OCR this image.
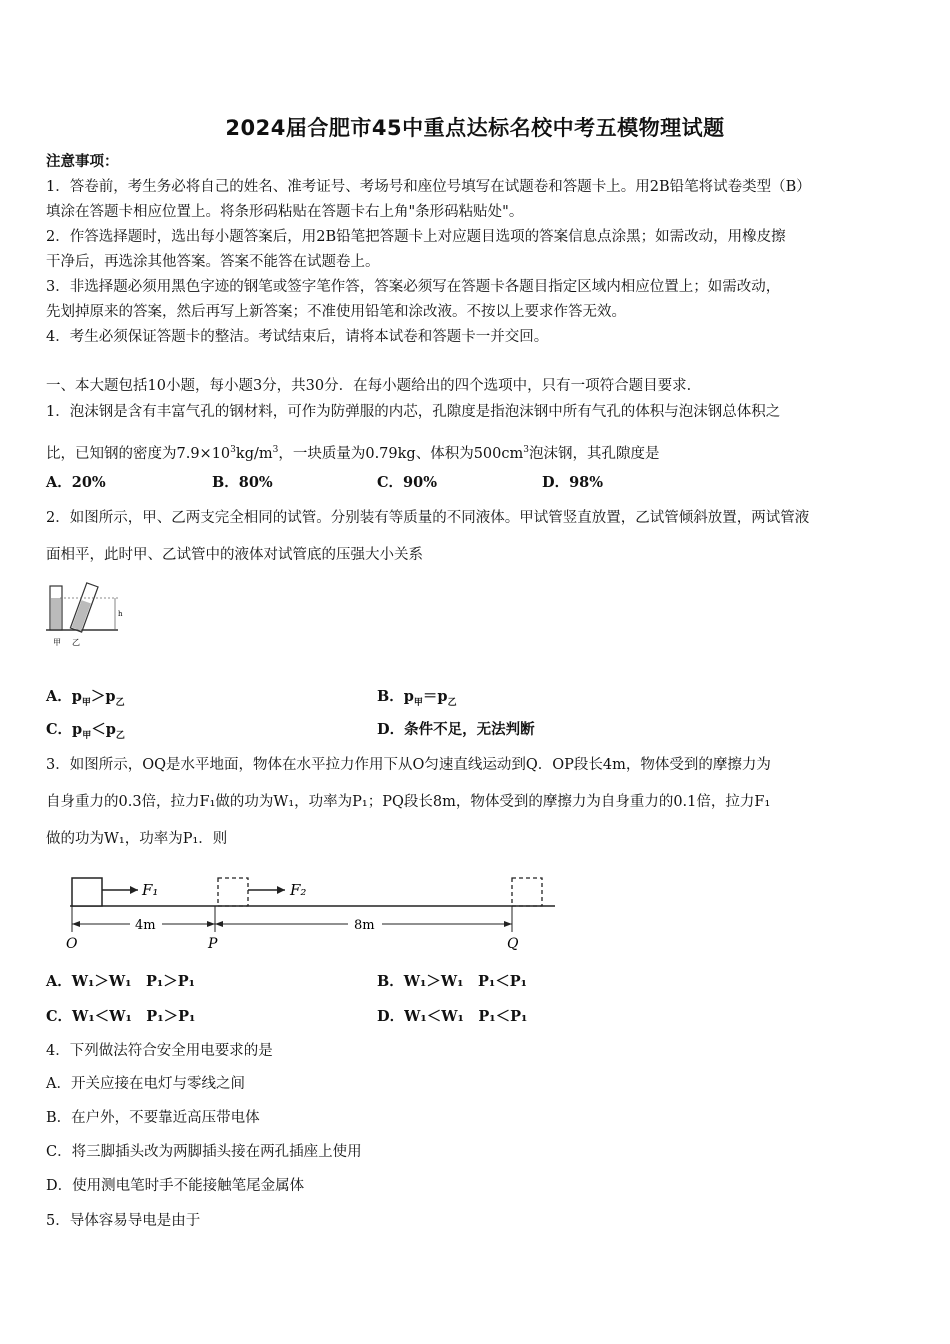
2024届合肥市45中重点达标名校中考五模物理试题
注意事项：
1．答卷前，考生务必将自己的姓名、准考证号、考场号和座位号填写在试题卷和答题卡上。用2B铅笔将试卷类型（B）
填涂在答题卡相应位置上。将条形码粘贴在答题卡右上角"条形码粘贴处"。
2．作答选择题时，选出每小题答案后，用2B铅笔把答题卡上对应题目选项的答案信息点涂黑；如需改动，用橡皮擦
干净后，再选涂其他答案。答案不能答在试题卷上。
3．非选择题必须用黑色字迹的钢笔或签字笔作答，答案必须写在答题卡各题目指定区域内相应位置上；如需改动，
先划掉原来的答案，然后再写上新答案；不准使用铅笔和涂改液。不按以上要求作答无效。
4．考生必须保证答题卡的整洁。考试结束后，请将本试卷和答题卡一并交回。
一、本大题包括10小题，每小题3分，共30分．在每小题给出的四个选项中，只有一项符合题目要求．
1．泡沫钢是含有丰富气孔的钢材料，可作为防弹服的内芯，孔隙度是指泡沫钢中所有气孔的体积与泡沫钢总体积之
比，已知钢的密度为$7.9\times 10^3kg/m^3$，一块质量为0.79kg、体积为$500cm^3$泡沫钢，其孔隙度是
A．20%	B．80%	C．90%	D．98%
2．如图所示，甲、乙两支完全相同的试管。分别装有等质量的不同液体。甲试管竖直放置，乙试管倾斜放置，两试管液
面相平，此时甲、乙试管中的液体对试管底的压强大小关系
h
甲 乙
A．$p_甲>p_乙$	B．$p_甲=p_乙$
C．$p_甲<p_乙$	D．条件不足，无法判断
3．如图所示，OQ是水平地面，物体在水平拉力作用下从O匀速直线运动到Q．OP段长4m，物体受到的摩擦力为
自身重力的0.3倍，拉力F₁做的功为W₁，功率为P₁；PQ段长8m，物体受到的摩擦力为自身重力的0.1倍，拉力F₁
做的功为W₁，功率为P₁．则
F₁	F₂
4m	8m
O	P	Q
A．W₁＞W₁　P₁＞P₁	B．W₁＞W₁　P₁＜P₁
C．W₁＜W₁　P₁＞P₁	D．W₁＜W₁　P₁＜P₁
4．下列做法符合安全用电要求的是
A．开关应接在电灯与零线之间
B．在户外，不要靠近高压带电体
C．将三脚插头改为两脚插头接在两孔插座上使用
D．使用测电笔时手不能接触笔尾金属体
5．导体容易导电是由于
